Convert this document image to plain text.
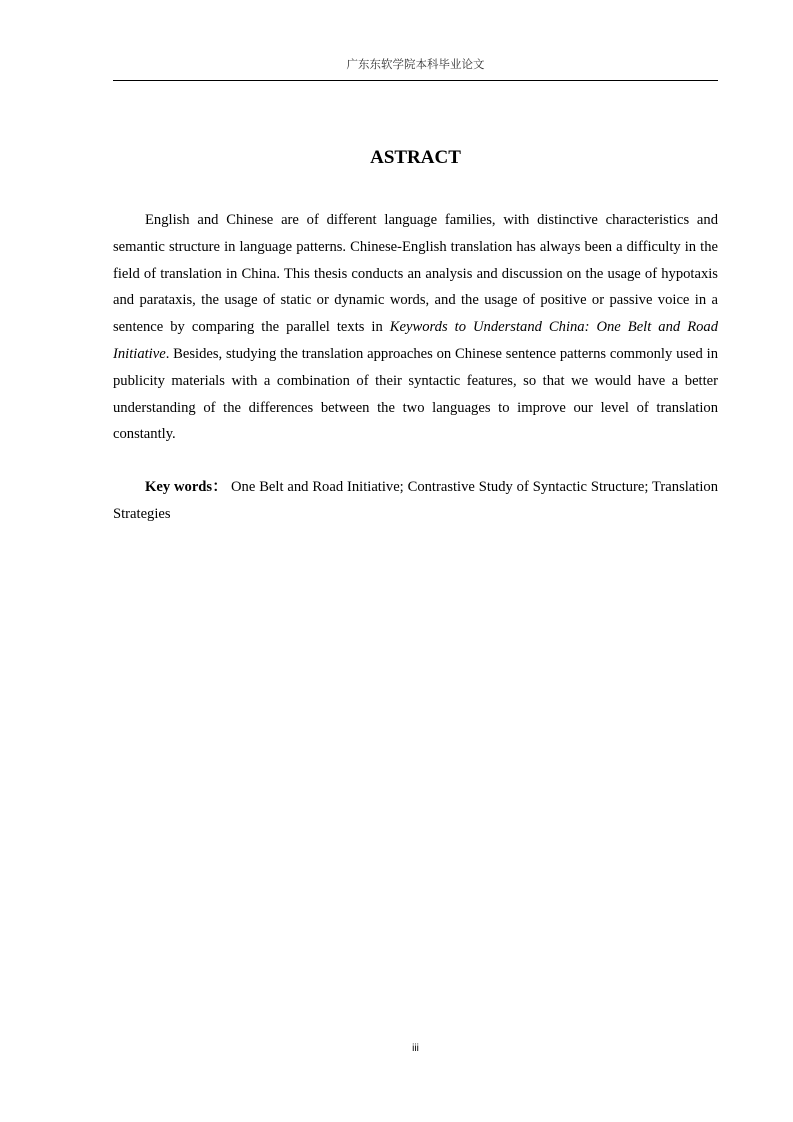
广东东软学院本科毕业论文
ASTRACT

English and Chinese are of different language families, with distinctive characteristics and semantic structure in language patterns. Chinese-English translation has always been a difficulty in the field of translation in China. This thesis conducts an analysis and discussion on the usage of hypotaxis and parataxis, the usage of static or dynamic words, and the usage of positive or passive voice in a sentence by comparing the parallel texts in Keywords to Understand China: One Belt and Road Initiative. Besides, studying the translation approaches on Chinese sentence patterns commonly used in publicity materials with a combination of their syntactic features, so that we would have a better understanding of the differences between the two languages to improve our level of translation constantly.

Key words： One Belt and Road Initiative; Contrastive Study of Syntactic Structure; Translation Strategies

iii
